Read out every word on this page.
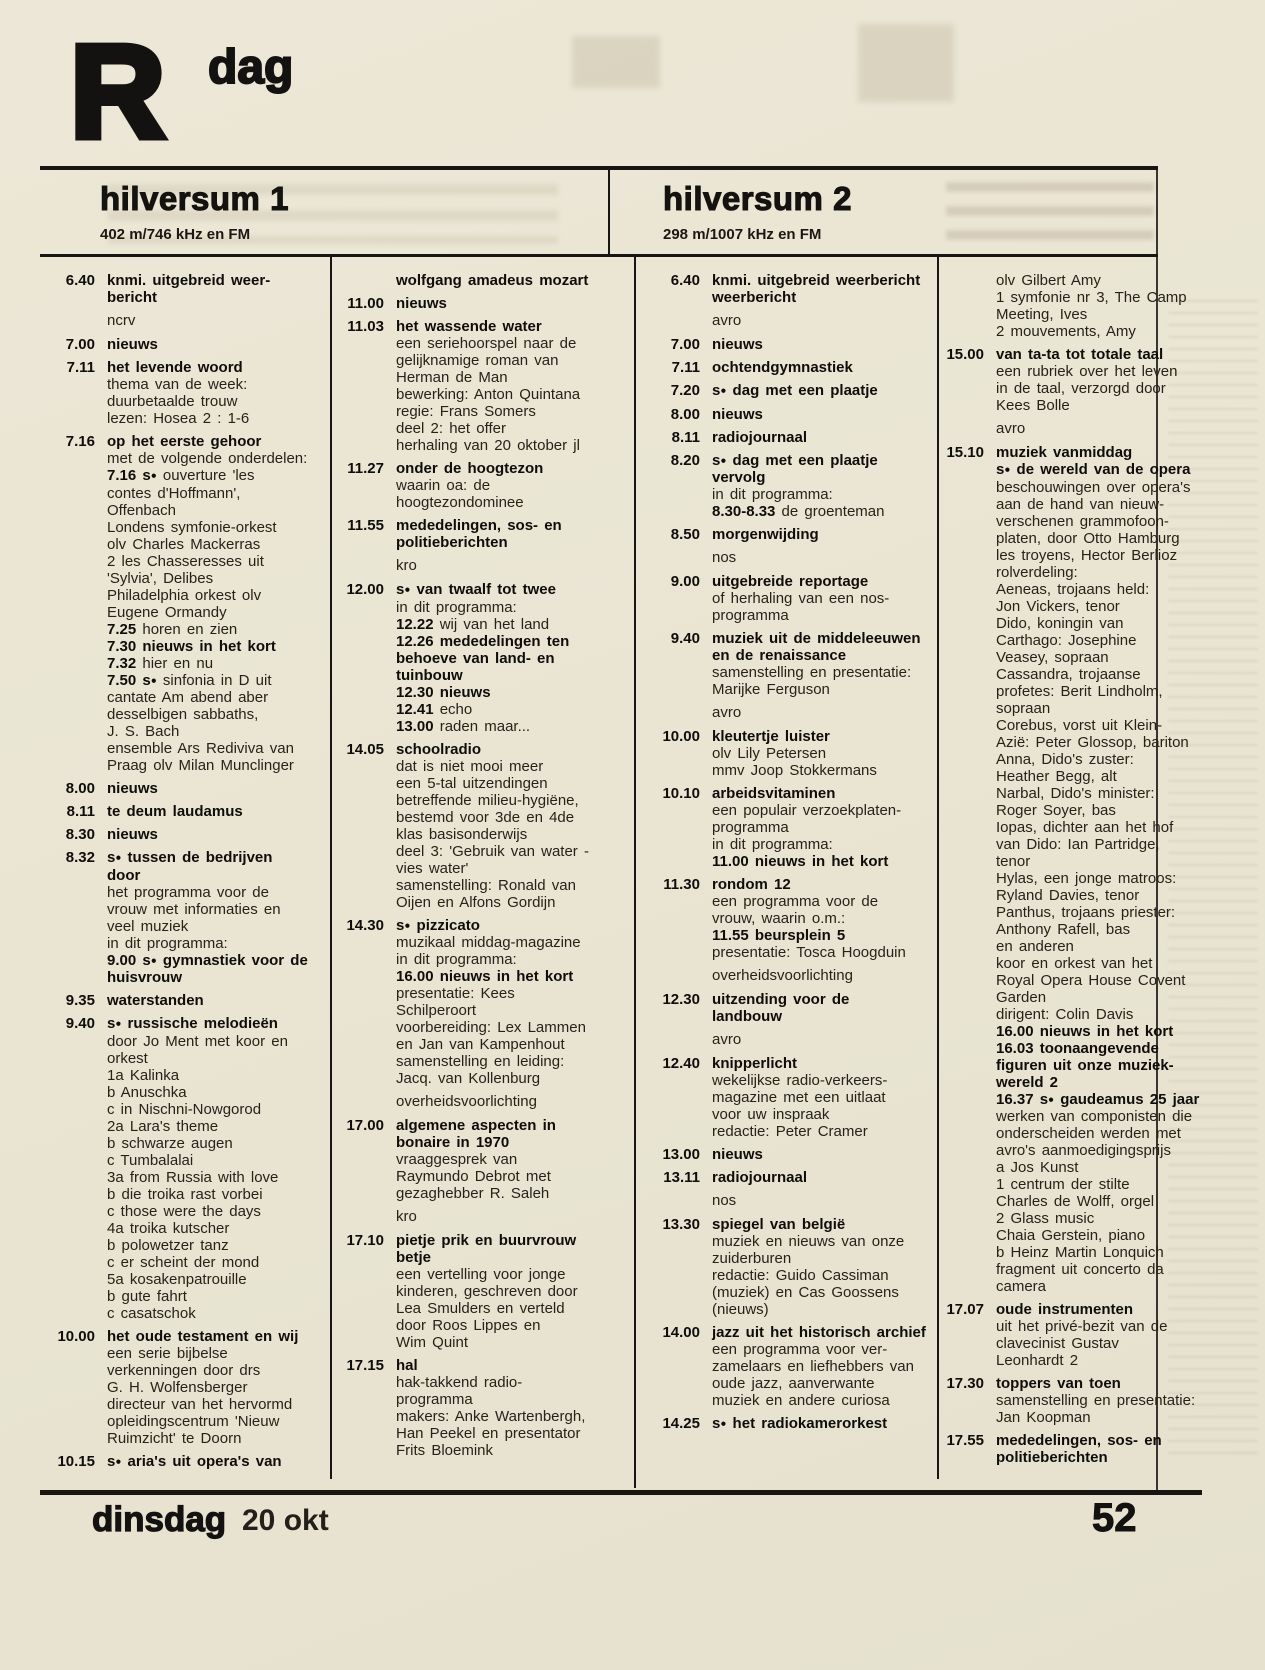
R dag
hilversum 1
402 m/746 kHz en FM
hilversum 2
298 m/1007 kHz en FM
6.40 knmi. uitgebreid weer-
bericht
ncrv
7.00 nieuws
7.11 het levende woord
thema van de week:
duurbetaalde trouw
lezen: Hosea 2 : 1-6
7.16 op het eerste gehoor
met de volgende onderdelen:
7.16 s● ouverture 'les
contes d'Hoffmann',
Offenbach
Londens symfonie-orkest
olv Charles Mackerras
2 les Chasseresses uit
'Sylvia', Delibes
Philadelphia orkest olv
Eugene Ormandy
7.25 horen en zien
7.30 nieuws in het kort
7.32 hier en nu
7.50 s● sinfonia in D uit
cantate Am abend aber
desselbigen sabbaths,
J. S. Bach
ensemble Ars Rediviva van
Praag olv Milan Munclinger
8.00 nieuws
8.11 te deum laudamus
8.30 nieuws
8.32 s● tussen de bedrijven
door
het programma voor de
vrouw met informaties en
veel muziek
in dit programma:
9.00 s● gymnastiek voor de
huisvrouw
9.35 waterstanden
9.40 s● russische melodieën
door Jo Ment met koor en
orkest
1a Kalinka
b Anuschka
c in Nischni-Nowgorod
2a Lara's theme
b schwarze augen
c Tumbalalai
3a from Russia with love
b die troika rast vorbei
c those were the days
4a troika kutscher
b polowetzer tanz
c er scheint der mond
5a kosakenpatrouille
b gute fahrt
c casatschok
10.00 het oude testament en wij
een serie bijbelse
verkenningen door drs
G. H. Wolfensberger
directeur van het hervormd
opleidingscentrum 'Nieuw
Ruimzicht' te Doorn
10.15 s● aria's uit opera's van
wolfgang amadeus mozart
11.00 nieuws
11.03 het wassende water
een seriehoorspel naar de
gelijknamige roman van
Herman de Man
bewerking: Anton Quintana
regie: Frans Somers
deel 2: het offer
herhaling van 20 oktober jl
11.27 onder de hoogtezon
waarin oa: de
hoogtezondominee
11.55 mededelingen, sos- en
politieberichten
kro
12.00 s● van twaalf tot twee
in dit programma:
12.22 wij van het land
12.26 mededelingen ten
behoeve van land- en
tuinbouw
12.30 nieuws
12.41 echo
13.00 raden maar...
14.05 schoolradio
dat is niet mooi meer
een 5-tal uitzendingen
betreffende milieu-hygiëne,
bestemd voor 3de en 4de
klas basisonderwijs
deel 3: 'Gebruik van water -
vies water'
samenstelling: Ronald van
Oijen en Alfons Gordijn
14.30 s● pizzicato
muzikaal middag-magazine
in dit programma:
16.00 nieuws in het kort
presentatie: Kees
Schilperoort
voorbereiding: Lex Lammen
en Jan van Kampenhout
samenstelling en leiding:
Jacq. van Kollenburg
overheidsvoorlichting
17.00 algemene aspecten in
bonaire in 1970
vraaggesprek van
Raymundo Debrot met
gezaghebber R. Saleh
kro
17.10 pietje prik en buurvrouw
betje
een vertelling voor jonge
kinderen, geschreven door
Lea Smulders en verteld
door Roos Lippes en
Wim Quint
17.15 hal
hak-takkend radio-
programma
makers: Anke Wartenbergh,
Han Peekel en presentator
Frits Bloemink
6.40 knmi. uitgebreid weerbericht
weerbericht
avro
7.00 nieuws
7.11 ochtendgymnastiek
7.20 s● dag met een plaatje
8.00 nieuws
8.11 radiojournaal
8.20 s● dag met een plaatje
vervolg
in dit programma:
8.30-8.33 de groenteman
8.50 morgenwijding
nos
9.00 uitgebreide reportage
of herhaling van een nos-
programma
9.40 muziek uit de middeleeuwen
en de renaissance
samenstelling en presentatie:
Marijke Ferguson
avro
10.00 kleutertje luister
olv Lily Petersen
mmv Joop Stokkermans
10.10 arbeidsvitaminen
een populair verzoekplaten-
programma
in dit programma:
11.00 nieuws in het kort
11.30 rondom 12
een programma voor de
vrouw, waarin o.m.:
11.55 beursplein 5
presentatie: Tosca Hoogduin
overheidsvoorlichting
12.30 uitzending voor de
landbouw
avro
12.40 knipperlicht
wekelijkse radio-verkeers-
magazine met een uitlaat
voor uw inspraak
redactie: Peter Cramer
13.00 nieuws
13.11 radiojournaal
nos
13.30 spiegel van belgië
muziek en nieuws van onze
zuiderburen
redactie: Guido Cassiman
(muziek) en Cas Goossens
(nieuws)
14.00 jazz uit het historisch archief
een programma voor ver-
zamelaars en liefhebbers van
oude jazz, aanverwante
muziek en andere curiosa
14.25 s● het radiokamerorkest
olv Gilbert Amy
1 symfonie nr 3, The Camp
Meeting, Ives
2 mouvements, Amy
15.00 van ta-ta tot totale taal
een rubriek over het leven
in de taal, verzorgd door
Kees Bolle
avro
15.10 muziek vanmiddag
s● de wereld van de opera
beschouwingen over opera's
aan de hand van nieuw-
verschenen grammofoon-
platen, door Otto Hamburg
les troyens, Hector Berlioz
rolverdeling:
Aeneas, trojaans held:
Jon Vickers, tenor
Dido, koningin van
Carthago: Josephine
Veasey, sopraan
Cassandra, trojaanse
profetes: Berit Lindholm,
sopraan
Corebus, vorst uit Klein-
Azië: Peter Glossop, bariton
Anna, Dido's zuster:
Heather Begg, alt
Narbal, Dido's minister:
Roger Soyer, bas
Iopas, dichter aan het hof
van Dido: Ian Partridge,
tenor
Hylas, een jonge matroos:
Ryland Davies, tenor
Panthus, trojaans priester:
Anthony Rafell, bas
en anderen
koor en orkest van het
Royal Opera House Covent
Garden
dirigent: Colin Davis
16.00 nieuws in het kort
16.03 toonaangevende
figuren uit onze muziek-
wereld 2
16.37 s● gaudeamus 25 jaar
werken van componisten die
onderscheiden werden met
avro's aanmoedigingsprijs
a Jos Kunst
1 centrum der stilte
Charles de Wolff, orgel
2 Glass music
Chaia Gerstein, piano
b Heinz Martin Lonquich
fragment uit concerto da
camera
17.07 oude instrumenten
uit het privé-bezit van de
clavecinist Gustav
Leonhardt 2
17.30 toppers van toen
samenstelling en presentatie:
Jan Koopman
17.55 mededelingen, sos- en
politieberichten
dinsdag 20 okt	52
